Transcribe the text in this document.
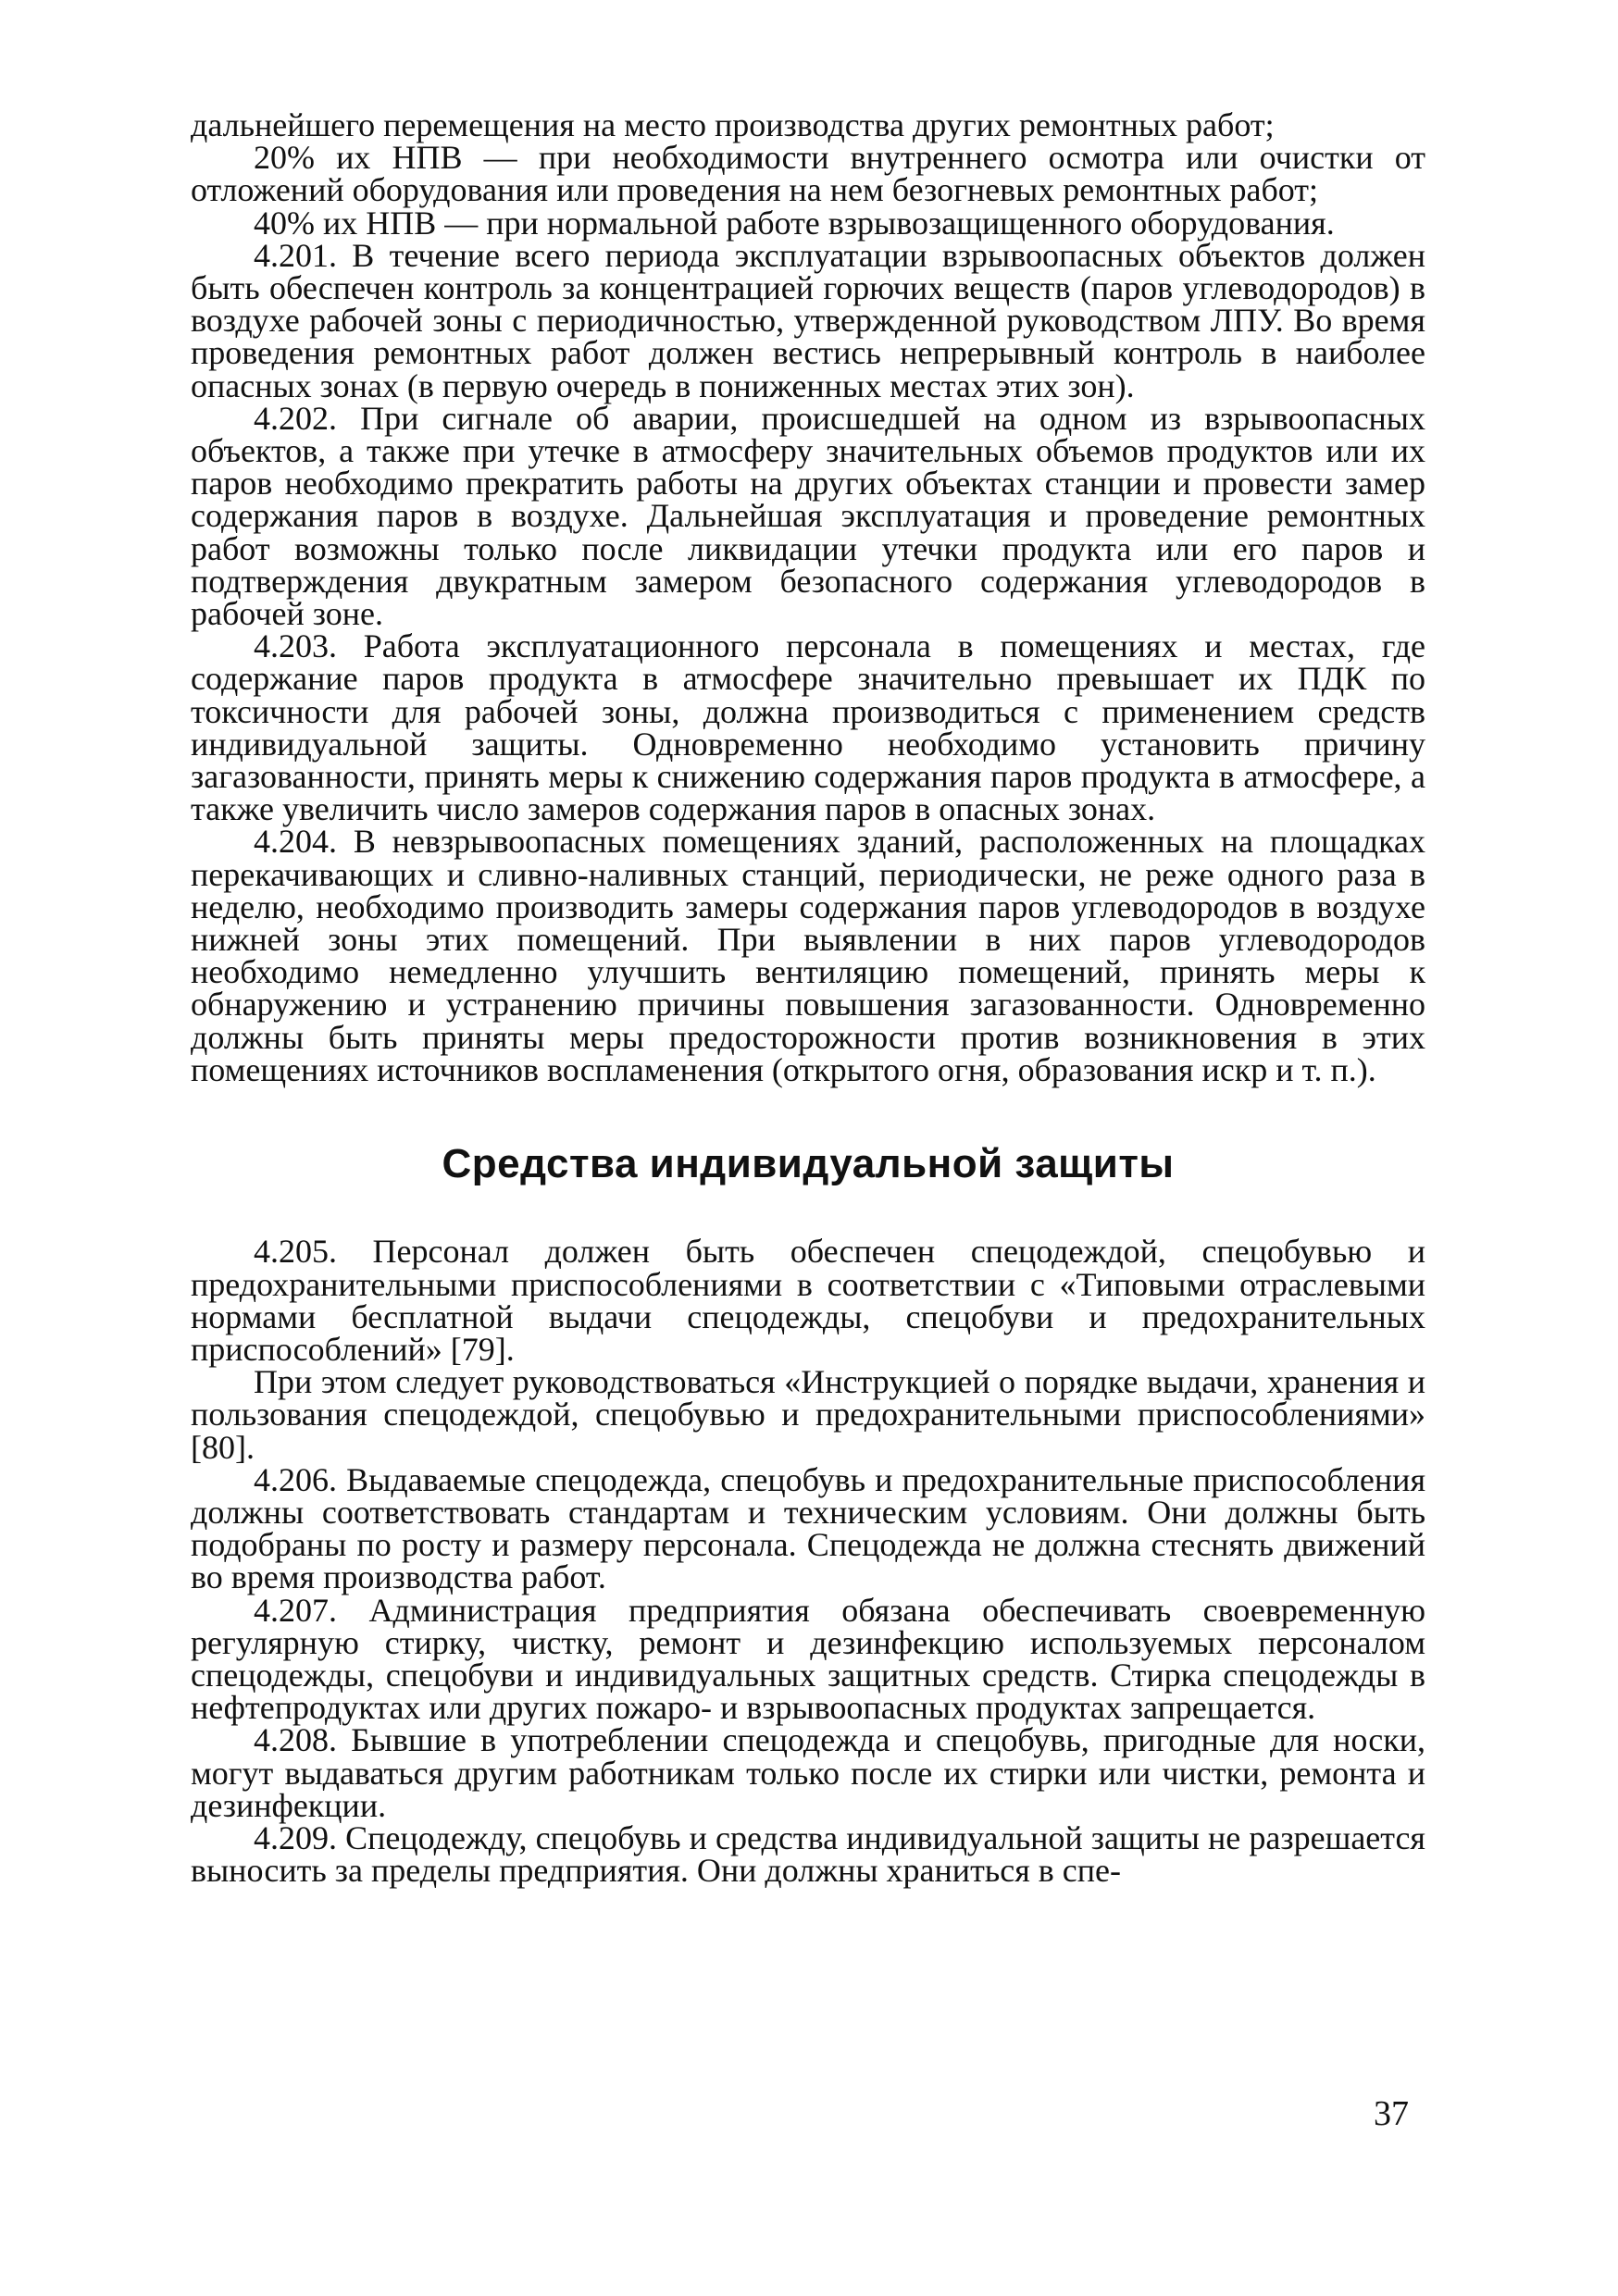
дальнейшего перемещения на место производства других ремонтных работ;

20% их НПВ — при необходимости внутреннего осмотра или очистки от отложений оборудования или проведения на нем безогневых ремонтных работ;

40% их НПВ — при нормальной работе взрывозащищенного оборудования.

4.201. В течение всего периода эксплуатации взрывоопасных объектов должен быть обеспечен контроль за концентрацией горючих веществ (паров углеводородов) в воздухе рабочей зоны с периодичностью, утвержденной руководством ЛПУ. Во время проведения ремонтных работ должен вестись непрерывный контроль в наиболее опасных зонах (в первую очередь в пониженных местах этих зон).

4.202. При сигнале об аварии, происшедшей на одном из взрывоопасных объектов, а также при утечке в атмосферу значительных объемов продуктов или их паров необходимо прекратить работы на других объектах станции и провести замер содержания паров в воздухе. Дальнейшая эксплуатация и проведение ремонтных работ возможны только после ликвидации утечки продукта или его паров и подтверждения двукратным замером безопасного содержания углеводородов в рабочей зоне.

4.203. Работа эксплуатационного персонала в помещениях и местах, где содержание паров продукта в атмосфере значительно превышает их ПДК по токсичности для рабочей зоны, должна производиться с применением средств индивидуальной защиты. Одновременно необходимо установить причину загазованности, принять меры к снижению содержания паров продукта в атмосфере, а также увеличить число замеров содержания паров в опасных зонах.

4.204. В невзрывоопасных помещениях зданий, расположенных на площадках перекачивающих и сливно-наливных станций, периодически, не реже одного раза в неделю, необходимо производить замеры содержания паров углеводородов в воздухе нижней зоны этих помещений. При выявлении в них паров углеводородов необходимо немедленно улучшить вентиляцию помещений, принять меры к обнаружению и устранению причины повышения загазованности. Одновременно должны быть приняты меры предосторожности против возникновения в этих помещениях источников воспламенения (открытого огня, образования искр и т. п.).

Средства индивидуальной защиты

4.205. Персонал должен быть обеспечен спецодеждой, спецобувью и предохранительными приспособлениями в соответствии с «Типовыми отраслевыми нормами бесплатной выдачи спецодежды, спецобуви и предохранительных приспособлений» [79].

При этом следует руководствоваться «Инструкцией о порядке выдачи, хранения и пользования спецодеждой, спецобувью и предохранительными приспособлениями» [80].

4.206. Выдаваемые спецодежда, спецобувь и предохранительные приспособления должны соответствовать стандартам и техническим условиям. Они должны быть подобраны по росту и размеру персонала. Спецодежда не должна стеснять движений во время производства работ.

4.207. Администрация предприятия обязана обеспечивать своевременную регулярную стирку, чистку, ремонт и дезинфекцию используемых персоналом спецодежды, спецобуви и индивидуальных защитных средств. Стирка спецодежды в нефтепродуктах или других пожаро- и взрывоопасных продуктах запрещается.

4.208. Бывшие в употреблении спецодежда и спецобувь, пригодные для носки, могут выдаваться другим работникам только после их стирки или чистки, ремонта и дезинфекции.

4.209. Спецодежду, спецобувь и средства индивидуальной защиты не разрешается выносить за пределы предприятия. Они должны храниться в спе-

37
